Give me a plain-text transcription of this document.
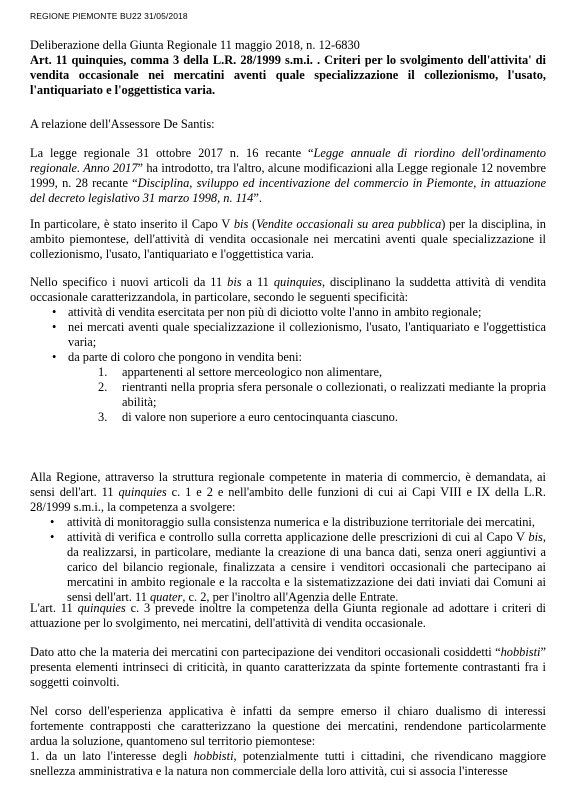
REGIONE PIEMONTE BU22 31/05/2018
Deliberazione della Giunta Regionale 11 maggio 2018, n. 12-6830
Art. 11 quinquies, comma 3 della L.R. 28/1999 s.m.i. . Criteri per lo svolgimento dell'attivita' di vendita occasionale nei mercatini aventi quale specializzazione il collezionismo, l'usato, l'antiquariato e l'oggettistica varia.
A relazione dell'Assessore De Santis:
La legge regionale 31 ottobre 2017 n. 16 recante “Legge annuale di riordino dell'ordinamento regionale. Anno 2017” ha introdotto, tra l'altro, alcune modificazioni alla Legge regionale 12 novembre 1999, n. 28 recante “Disciplina, sviluppo ed incentivazione del commercio in Piemonte, in attuazione del decreto legislativo 31 marzo 1998, n. 114”.
In particolare, è stato inserito il Capo V bis (Vendite occasionali su area pubblica) per la disciplina, in ambito piemontese, dell'attività di vendita occasionale nei mercatini aventi quale specializzazione il collezionismo, l'usato, l'antiquariato e l'oggettistica varia.
Nello specifico i nuovi articoli da 11 bis a 11 quinquies, disciplinano la suddetta attività di vendita occasionale caratterizzandola, in particolare, secondo le seguenti specificità:
• attività di vendita esercitata per non più di diciotto volte l'anno in ambito regionale;
• nei mercati aventi quale specializzazione il collezionismo, l'usato, l'antiquariato e l'oggettistica varia;
• da parte di coloro che pongono in vendita beni:
1. appartenenti al settore merceologico non alimentare,
2. rientranti nella propria sfera personale o collezionati, o realizzati mediante la propria abilità;
3. di valore non superiore a euro centocinquanta ciascuno.
Alla Regione, attraverso la struttura regionale competente in materia di commercio, è demandata, ai sensi dell'art. 11 quinquies c. 1 e 2 e nell'ambito delle funzioni di cui ai Capi VIII e IX della L.R. 28/1999 s.m.i., la competenza a svolgere:
• attività di monitoraggio sulla consistenza numerica e la distribuzione territoriale dei mercatini,
• attività di verifica e controllo sulla corretta applicazione delle prescrizioni di cui al Capo V bis, da realizzarsi, in particolare, mediante la creazione di una banca dati, senza oneri aggiuntivi a carico del bilancio regionale, finalizzata a censire i venditori occasionali che partecipano ai mercatini in ambito regionale e la raccolta e la sistematizzazione dei dati inviati dai Comuni ai sensi dell'art. 11 quater, c. 2, per l'inoltro all'Agenzia delle Entrate.
L'art. 11 quinquies c. 3 prevede inoltre la competenza della Giunta regionale ad adottare i criteri di attuazione per lo svolgimento, nei mercatini, dell'attività di vendita occasionale.
Dato atto che la materia dei mercatini con partecipazione dei venditori occasionali cosiddetti “hobbisti” presenta elementi intrinseci di criticità, in quanto caratterizzata da spinte fortemente contrastanti fra i soggetti coinvolti.
Nel corso dell'esperienza applicativa è infatti da sempre emerso il chiaro dualismo di interessi fortemente contrapposti che caratterizzano la questione dei mercatini, rendendone particolarmente ardua la soluzione, quantomeno sul territorio piemontese:
1. da un lato l'interesse degli hobbisti, potenzialmente tutti i cittadini, che rivendicano maggiore snellezza amministrativa e la natura non commerciale della loro attività, cui si associa l'interesse
